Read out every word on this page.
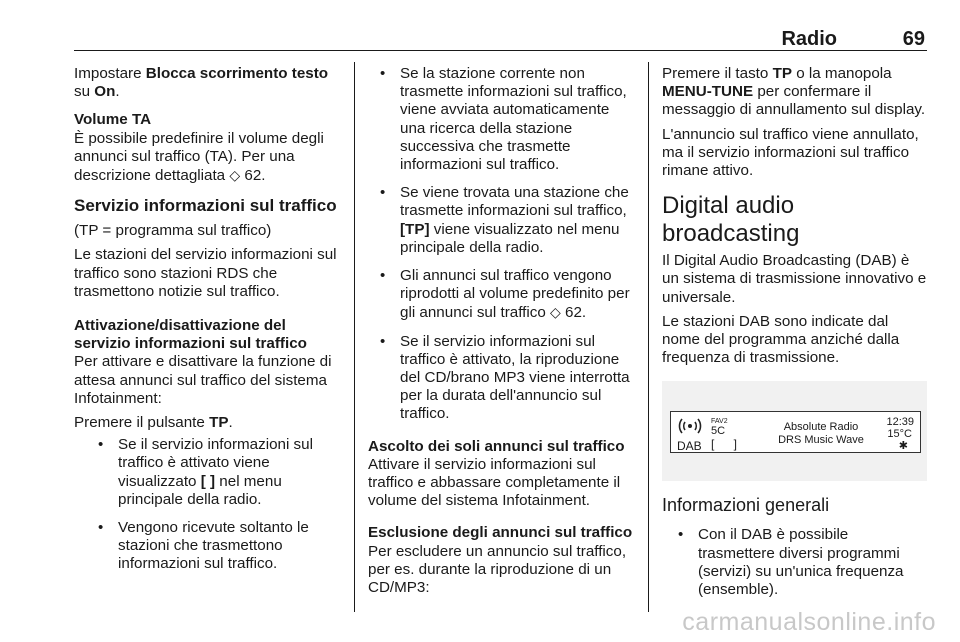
Radio	69

Impostare Blocca scorrimento testo su On.

Volume TA

È possibile predefinire il volume degli annunci sul traffico (TA). Per una descrizione dettagliata ◇ 62.

Servizio informazioni sul traffico

(TP = programma sul traffico)

Le stazioni del servizio informazioni sul traffico sono stazioni RDS che trasmettono notizie sul traffico.

Attivazione/disattivazione del servizio informazioni sul traffico

Per attivare e disattivare la funzione di attesa annunci sul traffico del sistema Infotainment:

Premere il pulsante TP.

• Se il servizio informazioni sul traffico è attivato viene visualizzato [ ] nel menu principale della radio.
• Vengono ricevute soltanto le stazioni che trasmettono informazioni sul traffico.
• Se la stazione corrente non trasmette informazioni sul traffico, viene avviata automaticamente una ricerca della stazione successiva che trasmette informazioni sul traffico.
• Se viene trovata una stazione che trasmette informazioni sul traffico, [TP] viene visualizzato nel menu principale della radio.
• Gli annunci sul traffico vengono riprodotti al volume predefinito per gli annunci sul traffico ◇ 62.
• Se il servizio informazioni sul traffico è attivato, la riproduzione del CD/brano MP3 viene interrotta per la durata dell'annuncio sul traffico.
Ascolto dei soli annunci sul traffico

Attivare il servizio informazioni sul traffico e abbassare completamente il volume del sistema Infotainment.

Esclusione degli annunci sul traffico

Per escludere un annuncio sul traffico, per es. durante la riproduzione di un CD/MP3:

Premere il tasto TP o la manopola MENU-TUNE per confermare il messaggio di annullamento sul display.

L'annuncio sul traffico viene annullato, ma il servizio informazioni sul traffico rimane attivo.

Digital audio broadcasting

Il Digital Audio Broadcasting (DAB) è un sistema di trasmissione innovativo e universale.

Le stazioni DAB sono indicate dal nome del programma anziché dalla frequenza di trasmissione.

DAB
FAV2
5C
[ ]
Absolute Radio
DRS Music Wave
12:39
15°C
✱
Informazioni generali
• Con il DAB è possibile trasmettere diversi programmi (servizi) su un'unica frequenza (ensemble).
carmanualsonline.info
